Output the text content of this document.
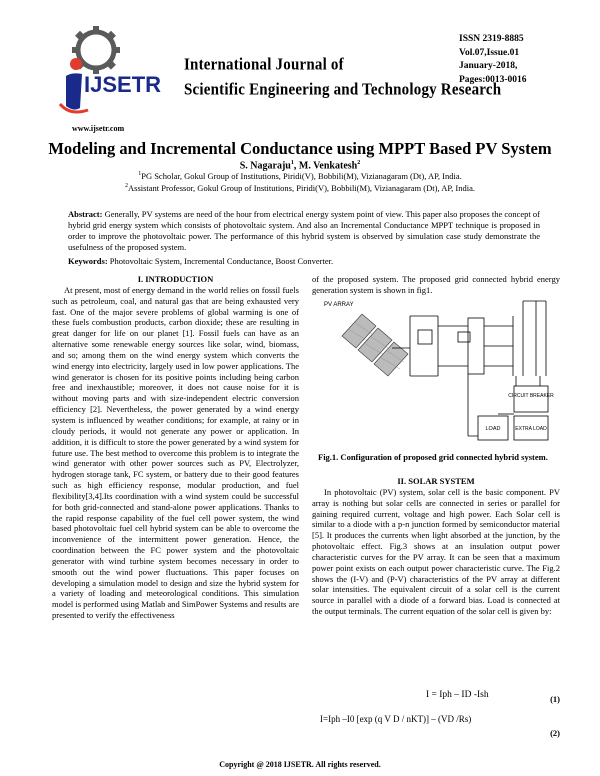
IJSETR
www.ijsetr.com
International Journal of
Scientific Engineering and Technology Research
ISSN 2319-8885
Vol.07,Issue.01
January-2018,
Pages:0013-0016
Modeling and Incremental Conductance using MPPT Based PV System
S. Nagaraju$^1$, M. Venkatesh$^2$
$^1$PG Scholar, Gokul Group of Institutions, Piridi(V), Bobbili(M), Vizianagaram (Dt), AP, India.
$^2$Assistant Professor, Gokul Group of Institutions, Piridi(V), Bobbili(M), Vizianagaram (Dt), AP, India.
Abstract: Generally, PV systems are need of the hour from electrical energy system point of view. This paper also proposes the concept of hybrid grid energy system which consists of photovoltaic system. And also an Incremental Conductance MPPT technique is proposed in order to improve the photovoltaic power. The performance of this hybrid system is observed by simulation case study demonstrate the usefulness of the proposed system.
Keywords: Photovoltaic System, Incremental Conductance, Boost Converter.
I. INTRODUCTION

At present, most of energy demand in the world relies on fossil fuels such as petroleum, coal, and natural gas that are being exhausted very fast. One of the major severe problems of global warming is one of these fuels combustion products, carbon dioxide; these are resulting in great danger for life on our planet [1]. Fossil fuels can have as an alternative some renewable energy sources like solar, wind, biomass, and so; among them on the wind energy system which converts the wind energy into electricity, largely used in low power applications. The wind generator is chosen for its positive points including being carbon free and inexhaustible; moreover, it does not cause noise for it is without moving parts and with size-independent electric conversion efficiency [2]. Nevertheless, the power generated by a wind energy system is influenced by weather conditions; for example, at rainy or in cloudy periods, it would not generate any power or application. In addition, it is difficult to store the power generated by a wind system for future use. The best method to overcome this problem is to integrate the wind generator with other power sources such as PV, Electrolyzer, hydrogen storage tank, FC system, or battery due to their good features such as high efficiency response, modular production, and fuel flexibility[3,4].Its coordination with a wind system could be successful for both grid-connected and stand-alone power applications. Thanks to the rapid response capability of the fuel cell power system, the wind based photovoltaic fuel cell hybrid system can be able to overcome the inconvenience of the intermittent power generation. Hence, the coordination between the FC power system and the photovoltaic generator with wind turbine system becomes necessary in order to smooth out the wind power fluctuations. This paper focuses on developing a simulation model to design and size the hybrid system for a variety of loading and meteorological conditions. This simulation model is performed using Matlab and SimPower Systems and results are presented to verify the effectiveness

of the proposed system. The proposed grid connected hybrid energy generation system is shown in fig1.

PV ARRAY
CIRCUIT BREAKER
LOAD	EXTRA LOAD
Fig.1. Configuration of proposed grid connected hybrid system.
II. SOLAR SYSTEM

In photovoltaic (PV) system, solar cell is the basic component. PV array is nothing but solar cells are connected in series or parallel for gaining required current, voltage and high power. Each Solar cell is similar to a diode with a p-n junction formed by semiconductor material [5]. It produces the currents when light absorbed at the junction, by the photovoltaic effect. Fig.3 shows at an insulation output power characteristic curves for the PV array. It can be seen that a maximum power point exists on each output power characteristic curve. The Fig.2 shows the (I-V) and (P-V) characteristics of the PV array at different solar intensities. The equivalent circuit of a solar cell is the current source in parallel with a diode of a forward bias. Load is connected at the output terminals. The current equation of the solar cell is given by:

I = Iph – ID -Ish	(1)
I=Iph –I0 [exp (q V D / nKT)] – (VD /Rs)
(2)
Copyright @ 2018 IJSETR. All rights reserved.
